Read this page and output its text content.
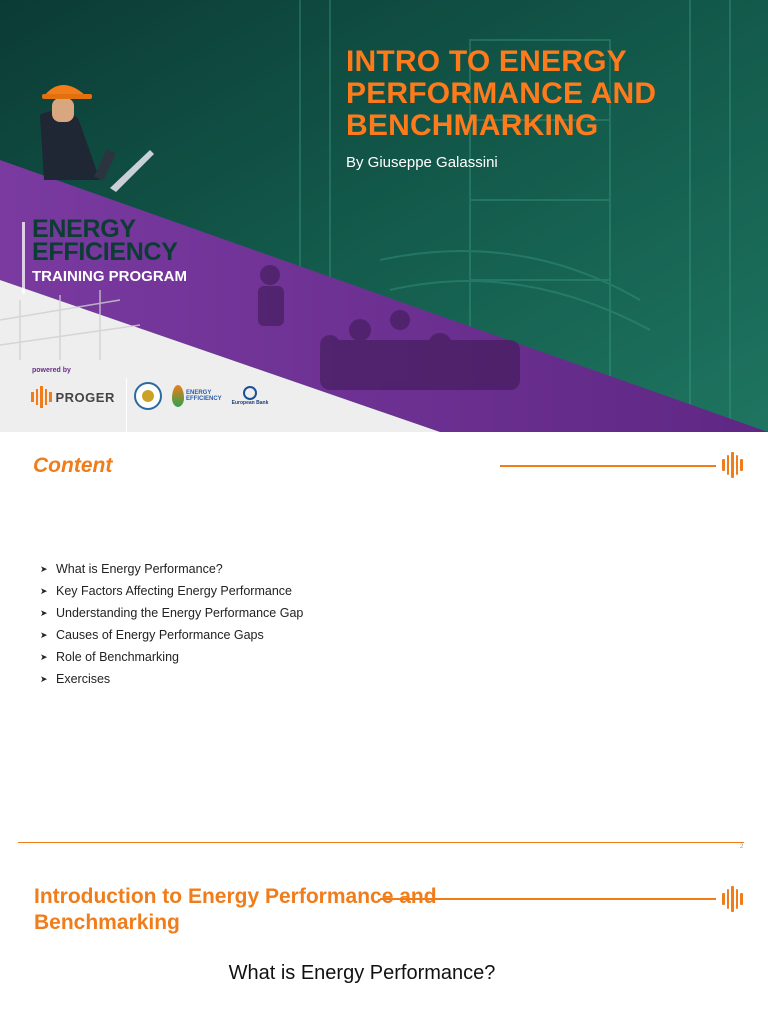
INTRO TO ENERGY
PERFORMANCE AND
BENCHMARKING
By Giuseppe Galassini
ENERGY
EFFICIENCY
TRAINING PROGRAM
powered by
PROGER	ENERGY
EFFICIENCY
European Bank
Content
➤ What is Energy Performance?
➤ Key Factors Affecting Energy Performance
➤ Understanding the Energy Performance Gap
➤ Causes of Energy Performance Gaps
➤ Role of Benchmarking
➤ Exercises
2
Introduction to Energy Performance and
Benchmarking
What is Energy Performance?
